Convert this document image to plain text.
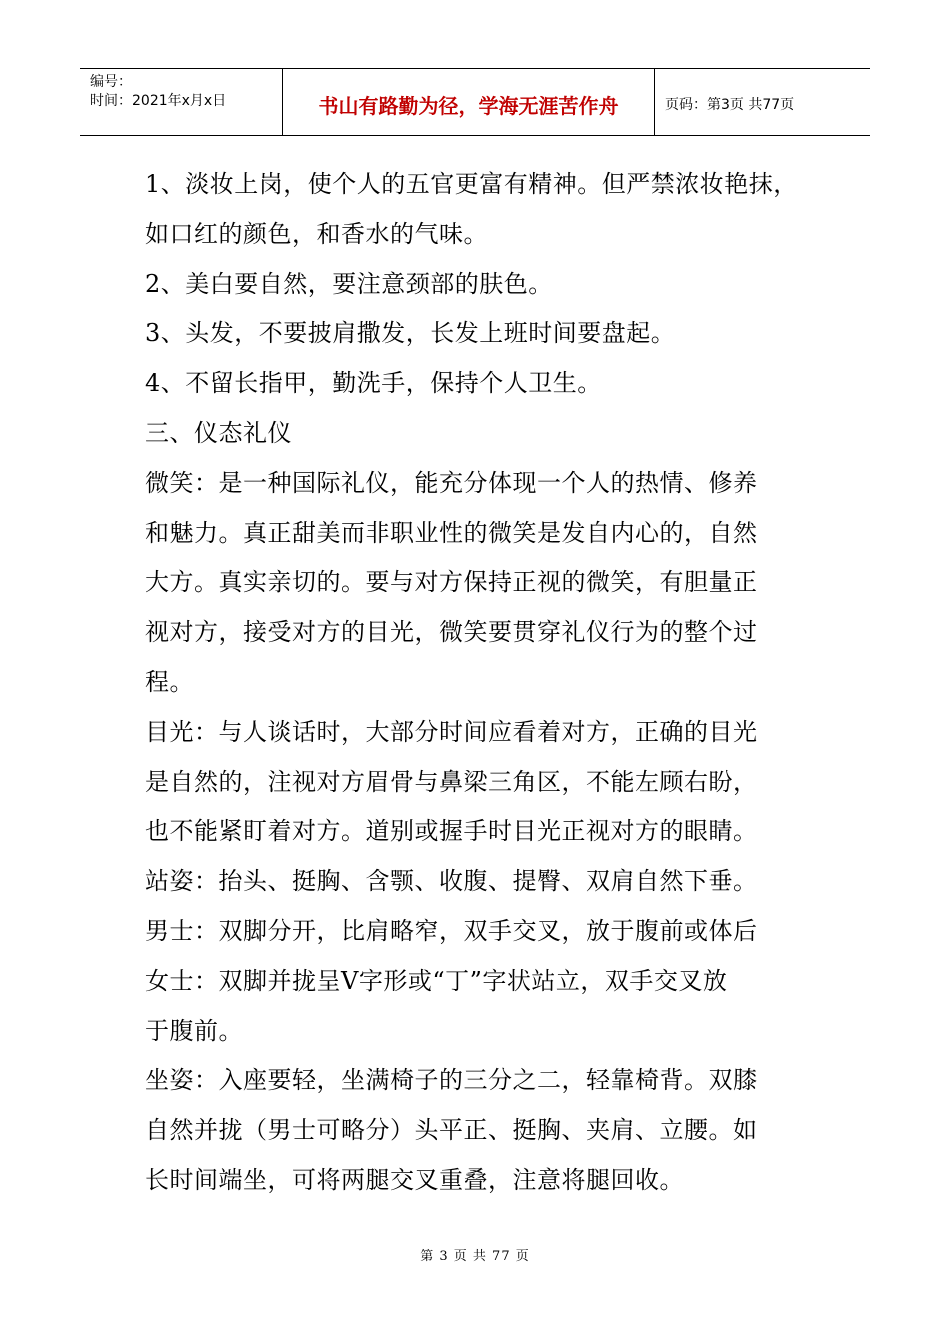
编号：
时间：2021年x月x日	书山有路勤为径，学海无涯苦作舟	页码：第3页 共77页

1、淡妆上岗，使个人的五官更富有精神。但严禁浓妆艳抹，

如口红的颜色，和香水的气味。

2、美白要自然，要注意颈部的肤色。

3、头发，不要披肩撒发，长发上班时间要盘起。

4、不留长指甲，勤洗手，保持个人卫生。

三、仪态礼仪

微笑：是一种国际礼仪，能充分体现一个人的热情、修养

和魅力。真正甜美而非职业性的微笑是发自内心的，自然

大方。真实亲切的。要与对方保持正视的微笑，有胆量正

视对方，接受对方的目光，微笑要贯穿礼仪行为的整个过

程。

目光：与人谈话时，大部分时间应看着对方，正确的目光

是自然的，注视对方眉骨与鼻梁三角区，不能左顾右盼，

也不能紧盯着对方。道别或握手时目光正视对方的眼睛。

站姿：抬头、挺胸、含颚、收腹、提臀、双肩自然下垂。

男士：双脚分开，比肩略窄，双手交叉，放于腹前或体后

女士：双脚并拢呈V字形或“丁”字状站立，双手交叉放

于腹前。

坐姿：入座要轻，坐满椅子的三分之二，轻靠椅背。双膝

自然并拢（男士可略分）头平正、挺胸、夹肩、立腰。如

长时间端坐，可将两腿交叉重叠，注意将腿回收。

第 3 页 共 77 页
